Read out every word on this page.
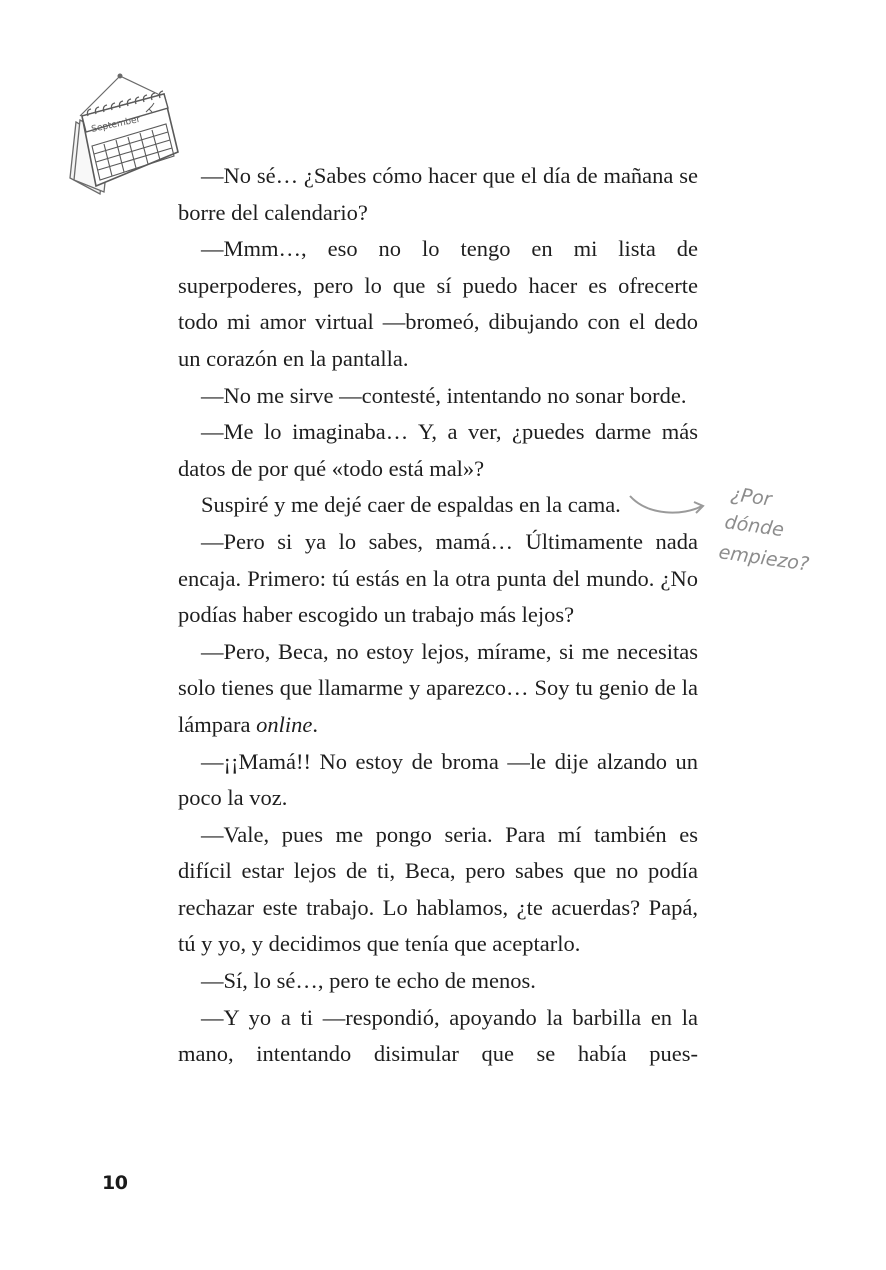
September

—No sé… ¿Sabes cómo hacer que el día de mañana se borre del calendario?

—Mmm…, eso no lo tengo en mi lista de superpoderes, pero lo que sí puedo hacer es ofrecerte todo mi amor virtual —bromeó, dibujando con el dedo un corazón en la pantalla.

—No me sirve —contesté, intentando no sonar borde.

—Me lo imaginaba… Y, a ver, ¿puedes darme más datos de por qué «todo está mal»?

Suspiré y me dejé caer de espaldas en la cama.

—Pero si ya lo sabes, mamá… Últimamente nada encaja. Primero: tú estás en la otra punta del mundo. ¿No podías haber escogido un trabajo más lejos?

—Pero, Beca, no estoy lejos, mírame, si me necesitas solo tienes que llamarme y aparezco… Soy tu genio de la lámpara online.

—¡¡Mamá!! No estoy de broma —le dije alzando un poco la voz.

—Vale, pues me pongo seria. Para mí también es difícil estar lejos de ti, Beca, pero sabes que no podía rechazar este trabajo. Lo hablamos, ¿te acuerdas? Papá, tú y yo, y decidimos que tenía que aceptarlo.

—Sí, lo sé…, pero te echo de menos.

—Y yo a ti —respondió, apoyando la barbilla en la mano, intentando disimular que se había pues-

¿Por
dónde
empiezo?
10
